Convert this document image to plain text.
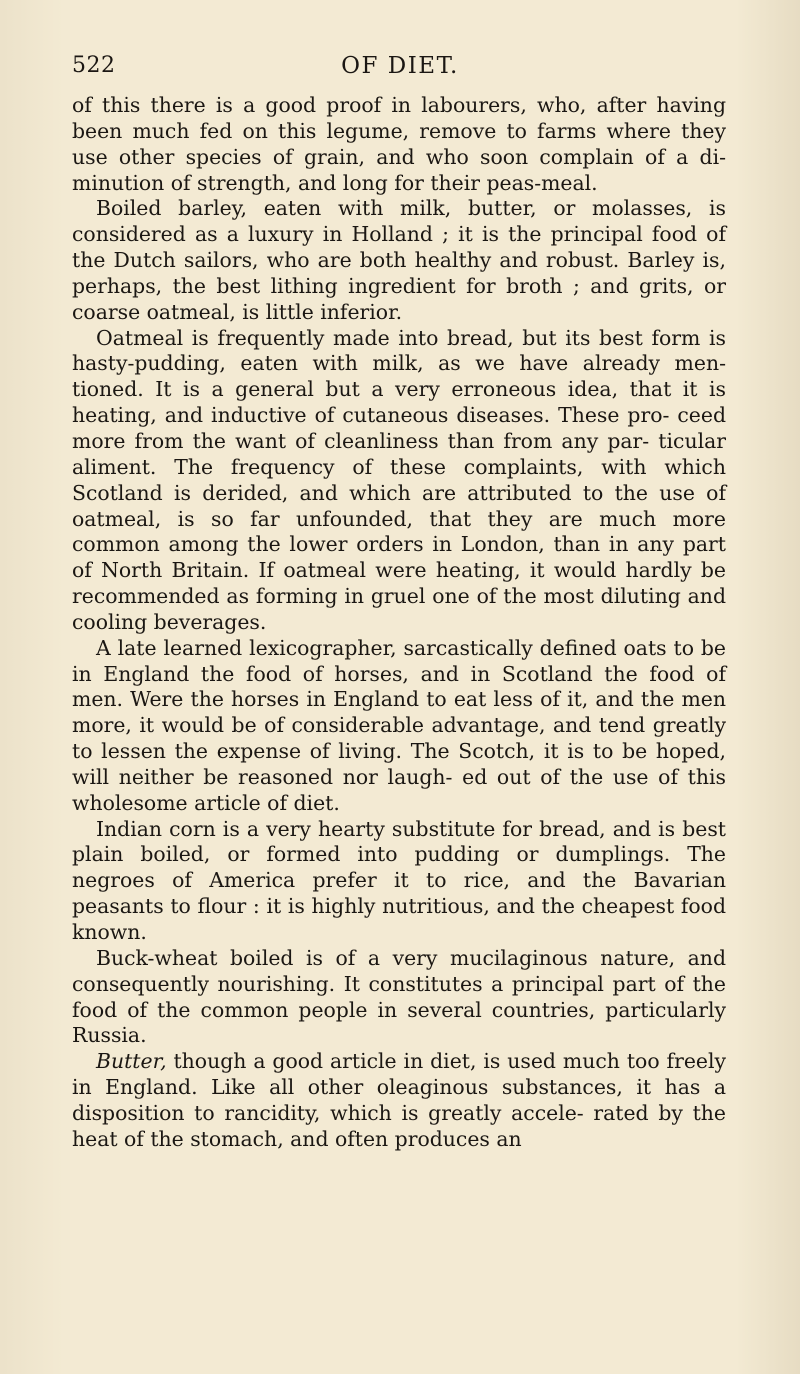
522	OF DIET.

of this there is a good proof in labourers, who, after having been much fed on this legume, remove to farms where they use other species of grain, and who soon complain of a di- minution of strength, and long for their peas-meal.

Boiled barley, eaten with milk, butter, or molasses, is considered as a luxury in Holland ; it is the principal food of the Dutch sailors, who are both healthy and robust. Barley is, perhaps, the best lithing ingredient for broth ; and grits, or coarse oatmeal, is little inferior.

Oatmeal is frequently made into bread, but its best form is hasty-pudding, eaten with milk, as we have already men- tioned. It is a general but a very erroneous idea, that it is heating, and inductive of cutaneous diseases. These pro- ceed more from the want of cleanliness than from any par- ticular aliment. The frequency of these complaints, with which Scotland is derided, and which are attributed to the use of oatmeal, is so far unfounded, that they are much more common among the lower orders in London, than in any part of North Britain. If oatmeal were heating, it would hardly be recommended as forming in gruel one of the most diluting and cooling beverages.

A late learned lexicographer, sarcastically defined oats to be in England the food of horses, and in Scotland the food of men. Were the horses in England to eat less of it, and the men more, it would be of considerable advantage, and tend greatly to lessen the expense of living. The Scotch, it is to be hoped, will neither be reasoned nor laugh- ed out of the use of this wholesome article of diet.

Indian corn is a very hearty substitute for bread, and is best plain boiled, or formed into pudding or dumplings. The negroes of America prefer it to rice, and the Bavarian peasants to flour : it is highly nutritious, and the cheapest food known.

Buck-wheat boiled is of a very mucilaginous nature, and consequently nourishing. It constitutes a principal part of the food of the common people in several countries, particularly Russia.

Butter, though a good article in diet, is used much too freely in England. Like all other oleaginous substances, it has a disposition to rancidity, which is greatly accele- rated by the heat of the stomach, and often produces an
